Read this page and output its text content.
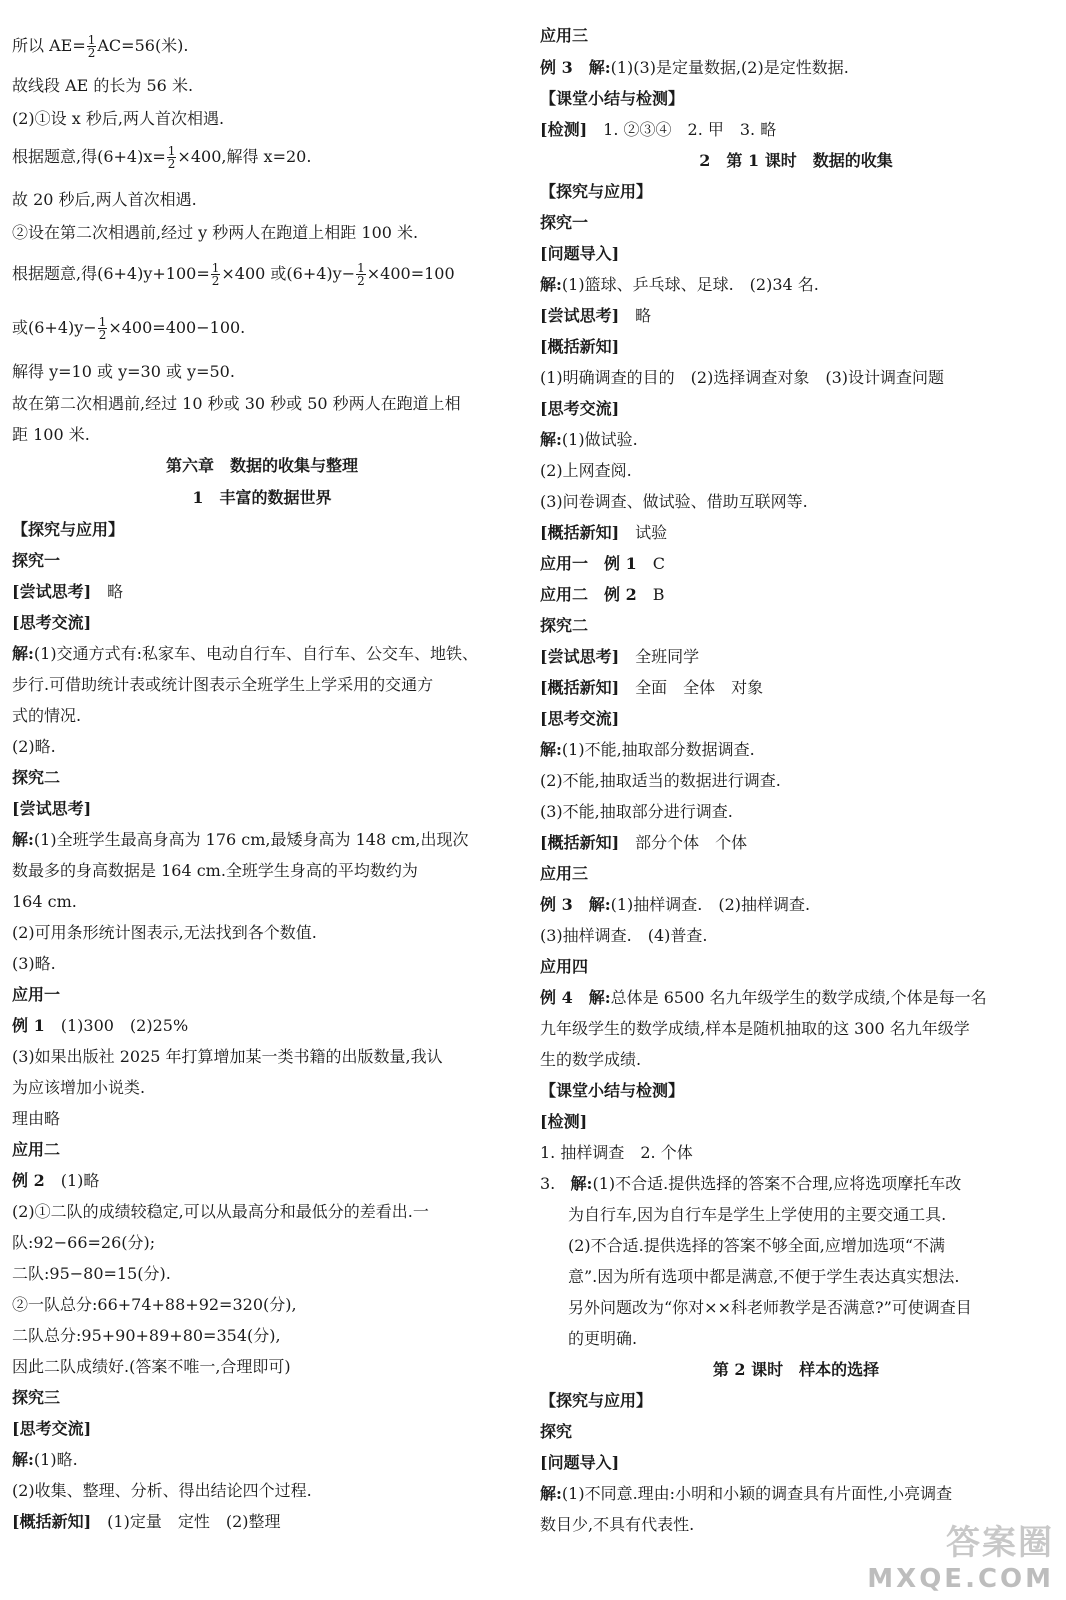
所以 $AE= \frac{1}{2} AC=56$(米).
故线段 AE 的长为 56 米.
(2)①设 x 秒后,两人首次相遇.
根据题意,得$(6+4)x= \frac{1}{2} \times 400$,解得 x=20.
故 20 秒后,两人首次相遇.
②设在第二次相遇前,经过 y 秒两人在跑道上相距 100 米.
根据题意,得$(6+4)y+100= \frac{1}{2} \times 400$ 或$(6+4)y- \frac{1}{2} \times 400=100$
或$(6+4)y- \frac{1}{2} \times 400=400-100$.
解得 y=10 或 y=30 或 y=50.
故在第二次相遇前,经过 10 秒或 30 秒或 50 秒两人在跑道上相
距 100 米.
第六章　数据的收集与整理
1　丰富的数据世界
【探究与应用】
探究一
[尝试思考]　略
[思考交流]
解:(1)交通方式有:私家车、电动自行车、自行车、公交车、地铁、
步行.可借助统计表或统计图表示全班学生上学采用的交通方
式的情况.
(2)略.
探究二
[尝试思考]
解:(1)全班学生最高身高为 176 cm,最矮身高为 148 cm,出现次
数最多的身高数据是 164 cm.全班学生身高的平均数约为
164 cm.
(2)可用条形统计图表示,无法找到各个数值.
(3)略.
应用一
例 1　(1)300　(2)25%
(3)如果出版社 2025 年打算增加某一类书籍的出版数量,我认
为应该增加小说类.
理由略
应用二
例 2　(1)略
(2)①二队的成绩较稳定,可以从最高分和最低分的差看出.一
队:92−66=26(分);
二队:95−80=15(分).
②一队总分:66+74+88+92=320(分),
二队总分:95+90+89+80=354(分),
因此二队成绩好.(答案不唯一,合理即可)
探究三
[思考交流]
解:(1)略.
(2)收集、整理、分析、得出结论四个过程.
[概括新知]　(1)定量　定性　(2)整理
应用三
例 3　解:(1)(3)是定量数据,(2)是定性数据.
【课堂小结与检测】
[检测]　1. ②③④　2. 甲　3. 略
2　第 1 课时　数据的收集
【探究与应用】
探究一
[问题导入]
解:(1)篮球、乒乓球、足球.　(2)34 名.
[尝试思考]　略
[概括新知]
(1)明确调查的目的　(2)选择调查对象　(3)设计调查问题
[思考交流]
解:(1)做试验.
(2)上网查阅.
(3)问卷调查、做试验、借助互联网等.
[概括新知]　试验
应用一　例 1　C
应用二　例 2　B
探究二
[尝试思考]　全班同学
[概括新知]　全面　全体　对象
[思考交流]
解:(1)不能,抽取部分数据调查.
(2)不能,抽取适当的数据进行调查.
(3)不能,抽取部分进行调查.
[概括新知]　部分个体　个体
应用三
例 3　解:(1)抽样调查.　(2)抽样调查.
(3)抽样调查.　(4)普查.
应用四
例 4　解:总体是 6500 名九年级学生的数学成绩,个体是每一名
九年级学生的数学成绩,样本是随机抽取的这 300 名九年级学
生的数学成绩.
【课堂小结与检测】
[检测]
1. 抽样调查　2. 个体
3. 解:(1)不合适.提供选择的答案不合理,应将选项摩托车改
为自行车,因为自行车是学生上学使用的主要交通工具.
(2)不合适.提供选择的答案不够全面,应增加选项“不满
意”.因为所有选项中都是满意,不便于学生表达真实想法.
另外问题改为“你对××科老师教学是否满意?”可使调查目
的更明确.
第 2 课时　样本的选择
【探究与应用】
探究
[问题导入]
解:(1)不同意.理由:小明和小颖的调查具有片面性,小亮调查
数目少,不具有代表性.	答案圈
MXQE.COM
